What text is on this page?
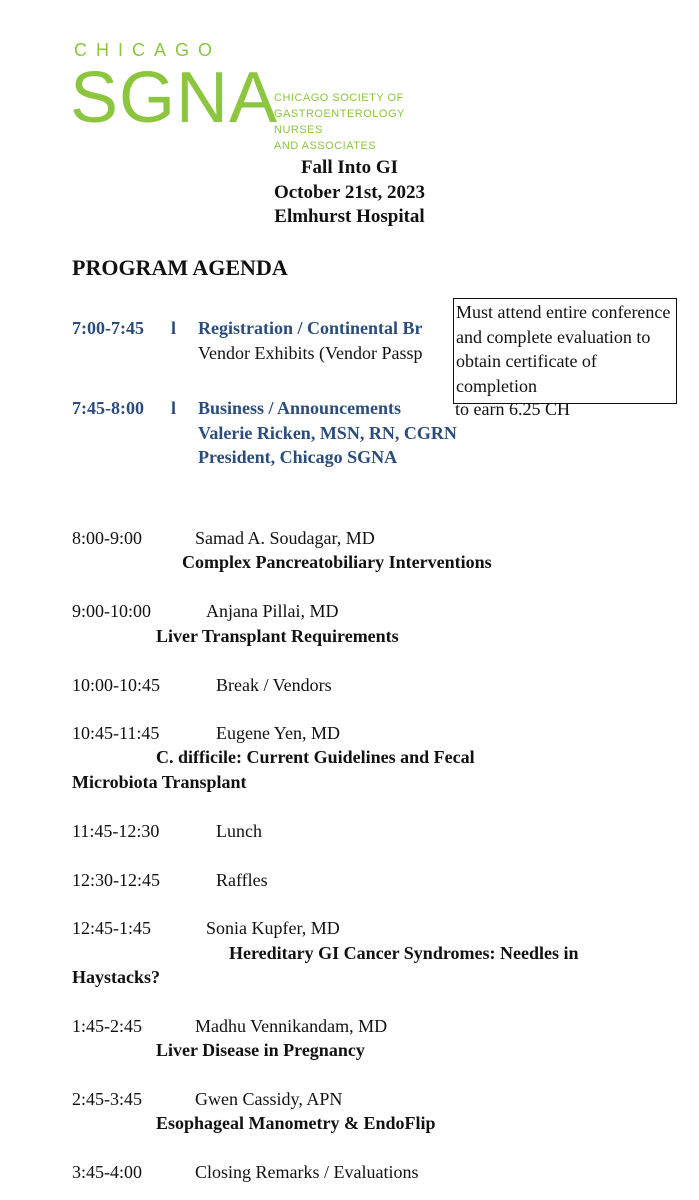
CHICAGO
SGNA
CHICAGO SOCIETY OF
GASTROENTEROLOGY NURSES
AND ASSOCIATES
Fall Into GI
October 21st, 2023
Elmhurst Hospital
PROGRAM AGENDA
7:00-7:45 l Registration / Continental Br
Vendor Exhibits (Vendor Passp
7:45-8:00 l Business / Announcements
Valerie Ricken, MSN, RN, CGRN
President, Chicago SGNA
Must attend entire conference and complete evaluation to obtain certificate of completion
to earn 6.25 CH
8:00-9:00	Samad A. Soudagar, MD
Complex Pancreatobiliary Interventions
9:00-10:00	Anjana Pillai, MD
Liver Transplant Requirements
10:00-10:45	Break / Vendors
10:45-11:45	Eugene Yen, MD
C. difficile: Current Guidelines and Fecal
Microbiota Transplant
11:45-12:30	Lunch
12:30-12:45	Raffles
12:45-1:45	Sonia Kupfer, MD
Hereditary GI Cancer Syndromes: Needles in
Haystacks?
1:45-2:45	Madhu Vennikandam, MD
Liver Disease in Pregnancy
2:45-3:45	Gwen Cassidy, APN
Esophageal Manometry & EndoFlip
3:45-4:00	Closing Remarks / Evaluations
